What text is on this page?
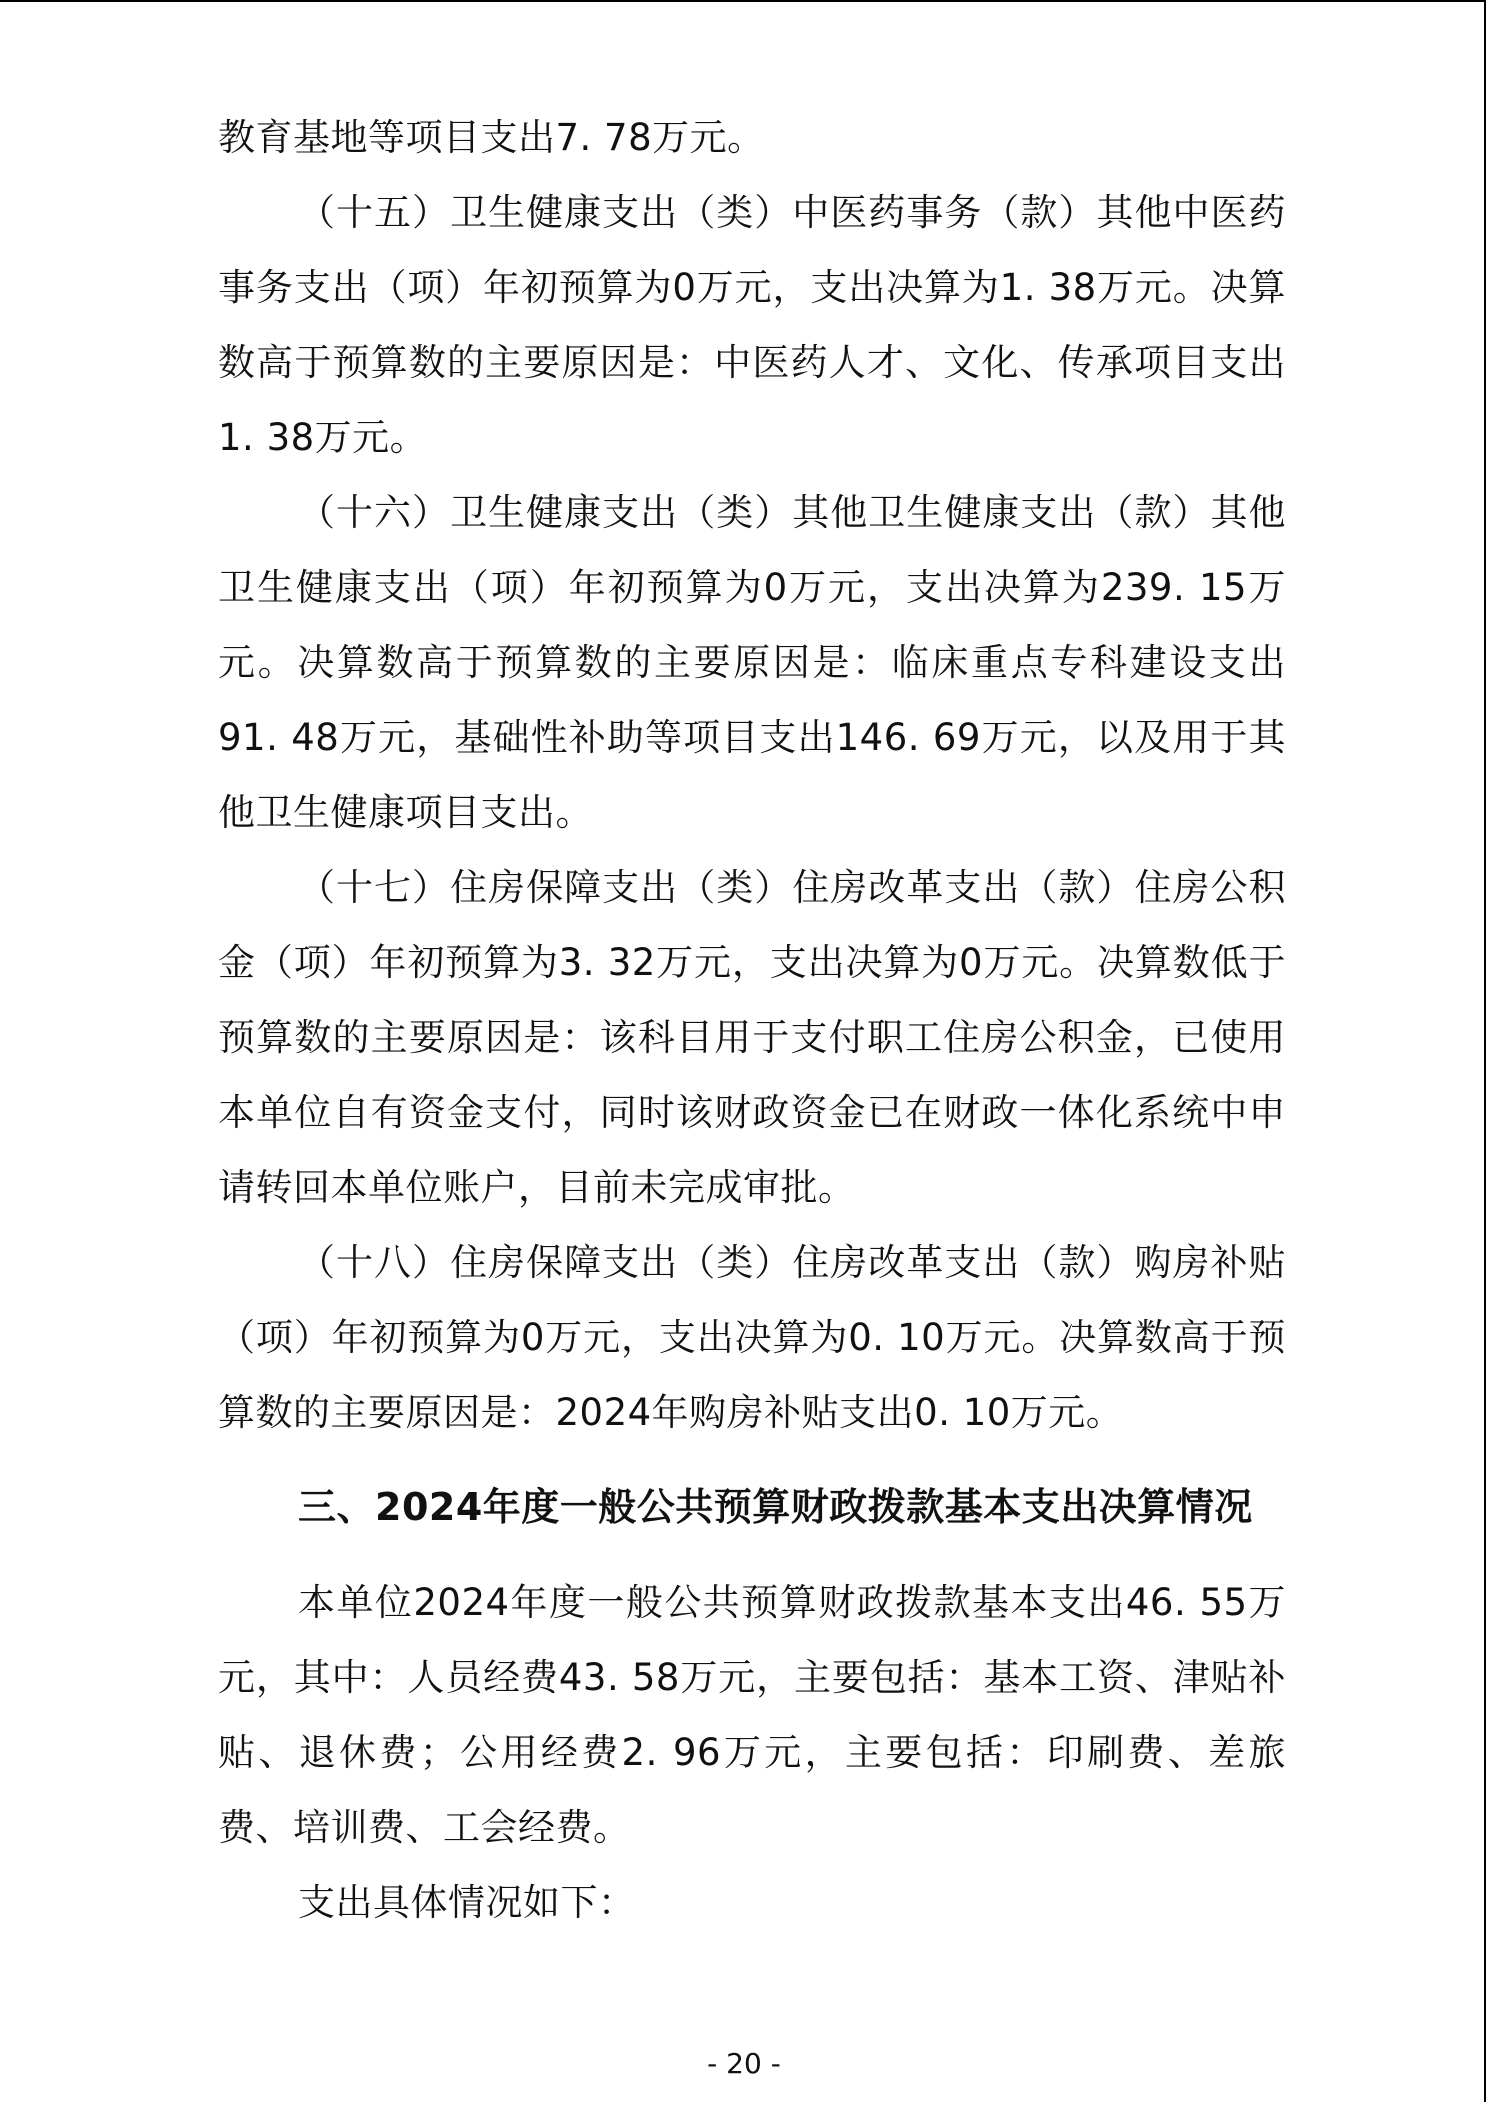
教育基地等项目支出7. 78万元。

（十五）卫生健康支出（类）中医药事务（款）其他中医药事务支出（项）年初预算为0万元，支出决算为1. 38万元。决算数高于预算数的主要原因是：中医药人才、文化、传承项目支出1. 38万元。

（十六）卫生健康支出（类）其他卫生健康支出（款）其他卫生健康支出（项）年初预算为0万元，支出决算为239. 15万元。决算数高于预算数的主要原因是：临床重点专科建设支出91. 48万元，基础性补助等项目支出146. 69万元，以及用于其他卫生健康项目支出。

（十七）住房保障支出（类）住房改革支出（款）住房公积金（项）年初预算为3. 32万元，支出决算为0万元。决算数低于预算数的主要原因是：该科目用于支付职工住房公积金，已使用本单位自有资金支付，同时该财政资金已在财政一体化系统中申请转回本单位账户，目前未完成审批。

（十八）住房保障支出（类）住房改革支出（款）购房补贴（项）年初预算为0万元，支出决算为0. 10万元。决算数高于预算数的主要原因是：2024年购房补贴支出0. 10万元。

三、2024年度一般公共预算财政拨款基本支出决算情况

本单位2024年度一般公共预算财政拨款基本支出46. 55万元，其中：人员经费43. 58万元，主要包括：基本工资、津贴补贴、退休费；公用经费2. 96万元，主要包括：印刷费、差旅费、培训费、工会经费。

支出具体情况如下：

- 20 -
